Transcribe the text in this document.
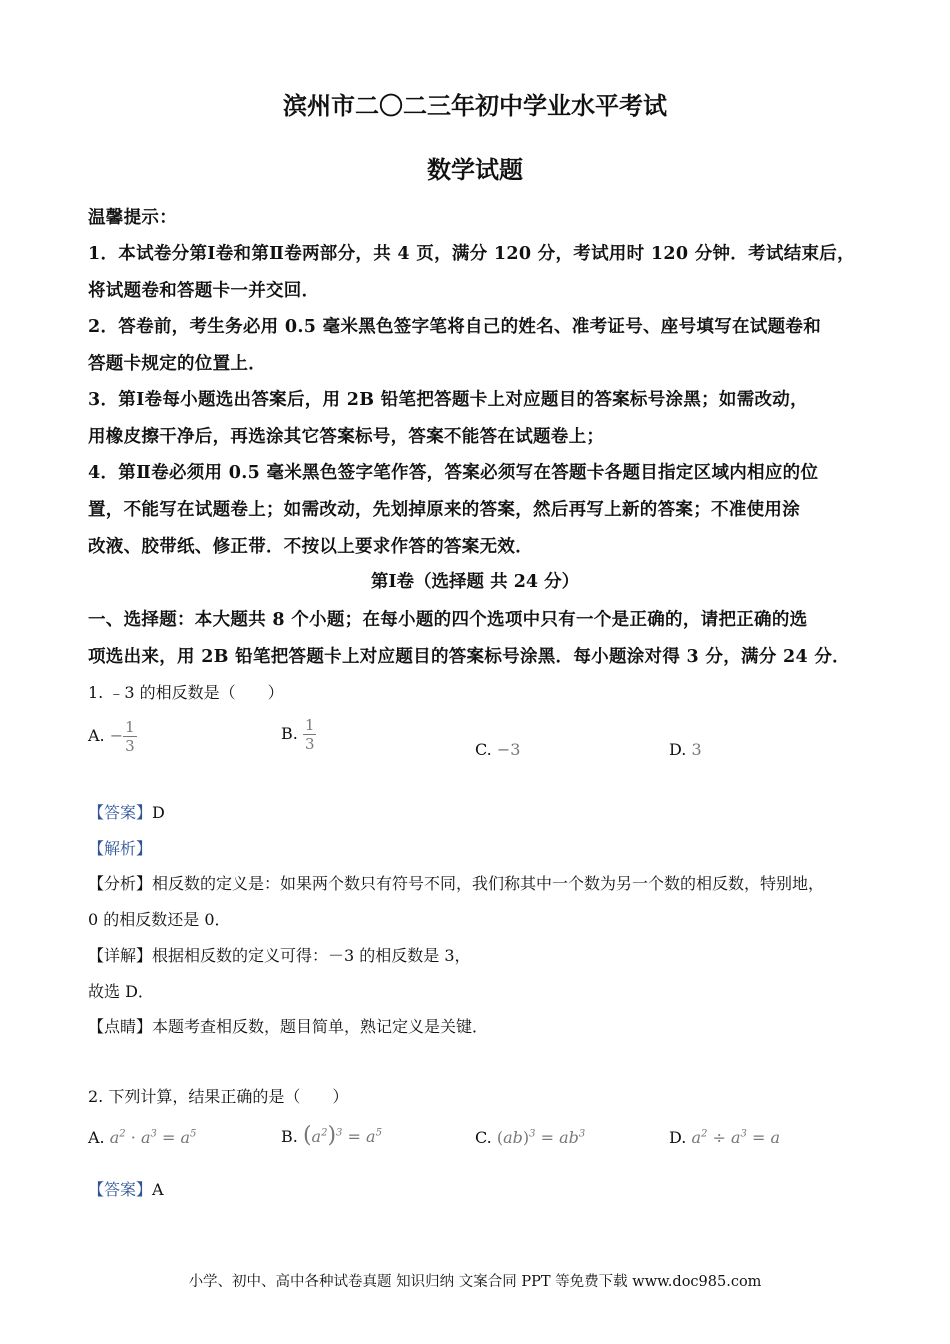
滨州市二〇二三年初中学业水平考试
数学试题
温馨提示：
1．本试卷分第Ⅰ卷和第Ⅱ卷两部分，共 4 页，满分 120 分，考试用时 120 分钟．考试结束后，
将试题卷和答题卡一并交回．
2．答卷前，考生务必用 0.5 毫米黑色签字笔将自己的姓名、准考证号、座号填写在试题卷和
答题卡规定的位置上．
3．第Ⅰ卷每小题选出答案后，用 2B 铅笔把答题卡上对应题目的答案标号涂黑；如需改动，
用橡皮擦干净后，再选涂其它答案标号，答案不能答在试题卷上；
4．第Ⅱ卷必须用 0.5 毫米黑色签字笔作答，答案必须写在答题卡各题目指定区域内相应的位
置，不能写在试题卷上；如需改动，先划掉原来的答案，然后再写上新的答案；不准使用涂
改液、胶带纸、修正带．不按以上要求作答的答案无效．
第Ⅰ卷（选择题 共 24 分）
一、选择题：本大题共 8 个小题；在每小题的四个选项中只有一个是正确的，请把正确的选
项选出来，用 2B 铅笔把答题卡上对应题目的答案标号涂黑．每小题涂对得 3 分，满分 24 分．
1. ﹣3 的相反数是（　　）
A. − $\frac{1}{3}$	B. $\frac{1}{3}$	C. −3	D. 3
【答案】D
【解析】
【分析】相反数的定义是：如果两个数只有符号不同，我们称其中一个数为另一个数的相反数，特别地，
0 的相反数还是 0．
【详解】根据相反数的定义可得：－3 的相反数是 3，
故选 D．
【点睛】本题考查相反数，题目简单，熟记定义是关键．
2. 下列计算，结果正确的是（　　）
A. $a^2 \cdot a^3 = a^5$	B. $(a^2)^3 = a^5$	C. $(ab)^3 = ab^3$	D. $a^2 \div a^3 = a$
【答案】A
小学、初中、高中各种试卷真题 知识归纳 文案合同 PPT 等免费下载 www.doc985.com
